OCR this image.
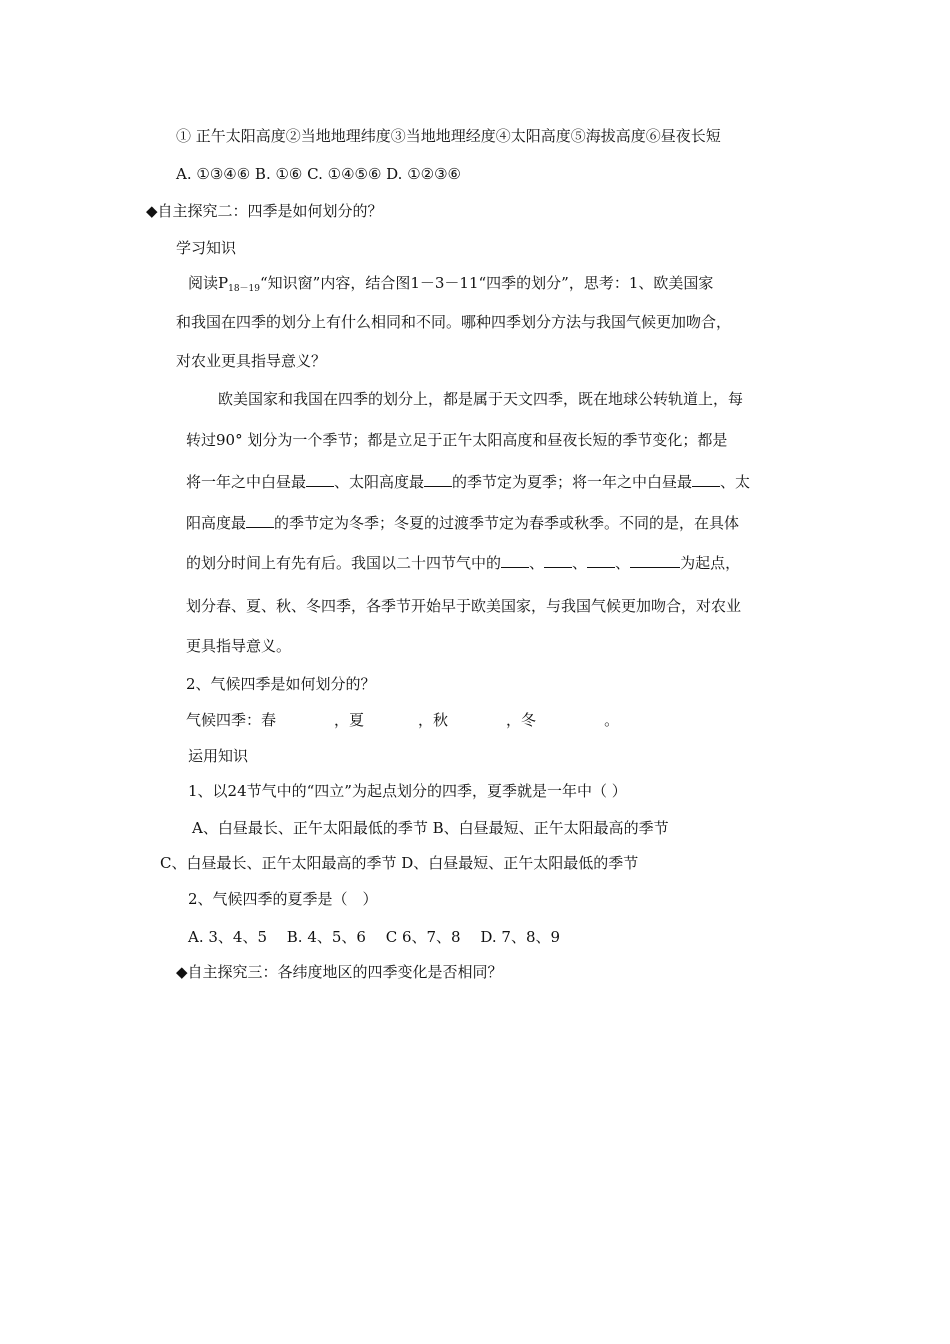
① 正午太阳高度②当地地理纬度③当地地理经度④太阳高度⑤海拔高度⑥昼夜长短
A. ①③④⑥ B. ①⑥ C. ①④⑤⑥ D. ①②③⑥
◆自主探究二：四季是如何划分的？
学习知识
阅读$P_{18-19}“$知识窗”内容，结合图1－3－11“四季的划分”，思考：1、欧美国家
和我国在四季的划分上有什么相同和不同。哪种四季划分方法与我国气候更加吻合，
对农业更具指导意义？
欧美国家和我国在四季的划分上，都是属于天文四季，既在地球公转轨道上，每
转过90° 划分为一个季节；都是立足于正午太阳高度和昼夜长短的季节变化；都是
将一年之中白昼最 、太阳高度最 的季节定为夏季；将一年之中白昼最 、太
阳高度最 的季节定为冬季；冬夏的过渡季节定为春季或秋季。不同的是，在具体
的划分时间上有先有后。我国以二十四节气中的 、 、 、	为起点，
划分春、夏、秋、冬四季，各季节开始早于欧美国家，与我国气候更加吻合，对农业
更具指导意义。
2、气候四季是如何划分的？
气候四季：春	，夏	，秋	，冬	。
运用知识
1、以24节气中的“四立”为起点划分的四季，夏季就是一年中（ ）
A、白昼最长、正午太阳最低的季节 B、白昼最短、正午太阳最高的季节
C、白昼最长、正午太阳最高的季节 D、白昼最短、正午太阳最低的季节
2、气候四季的夏季是（　）
A. 3、4、5　 B. 4、5、6　 C 6、7、8　 D. 7、8、9
◆自主探究三：各纬度地区的四季变化是否相同？
